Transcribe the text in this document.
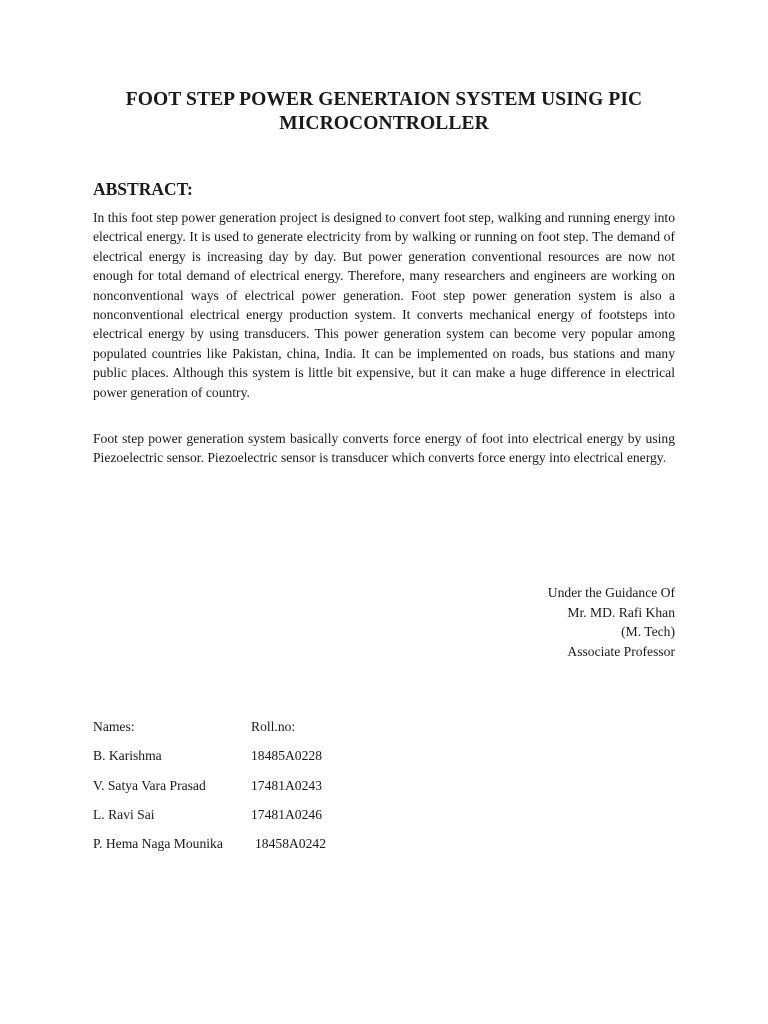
FOOT STEP POWER GENERTAION SYSTEM USING PIC
MICROCONTROLLER
ABSTRACT:

In this foot step power generation project is designed to convert foot step, walking and running energy into electrical energy. It is used to generate electricity from by walking or running on foot step. The demand of electrical energy is increasing day by day. But power generation conventional resources are now not enough for total demand of electrical energy. Therefore, many researchers and engineers are working on nonconventional ways of electrical power generation. Foot step power generation system is also a nonconventional electrical energy production system. It converts mechanical energy of footsteps into electrical energy by using transducers. This power generation system can become very popular among populated countries like Pakistan, china, India. It can be implemented on roads, bus stations and many public places. Although this system is little bit expensive, but it can make a huge difference in electrical power generation of country.

Foot step power generation system basically converts force energy of foot into electrical energy by using Piezoelectric sensor. Piezoelectric sensor is transducer which converts force energy into electrical energy.

Under the Guidance Of
Mr. MD. Rafi Khan
(M. Tech)
Associate Professor
Names:	Roll.no:
B. Karishma	18485A0228
V. Satya Vara Prasad	17481A0243
L. Ravi Sai	17481A0246
P. Hema Naga Mounika 18458A0242
